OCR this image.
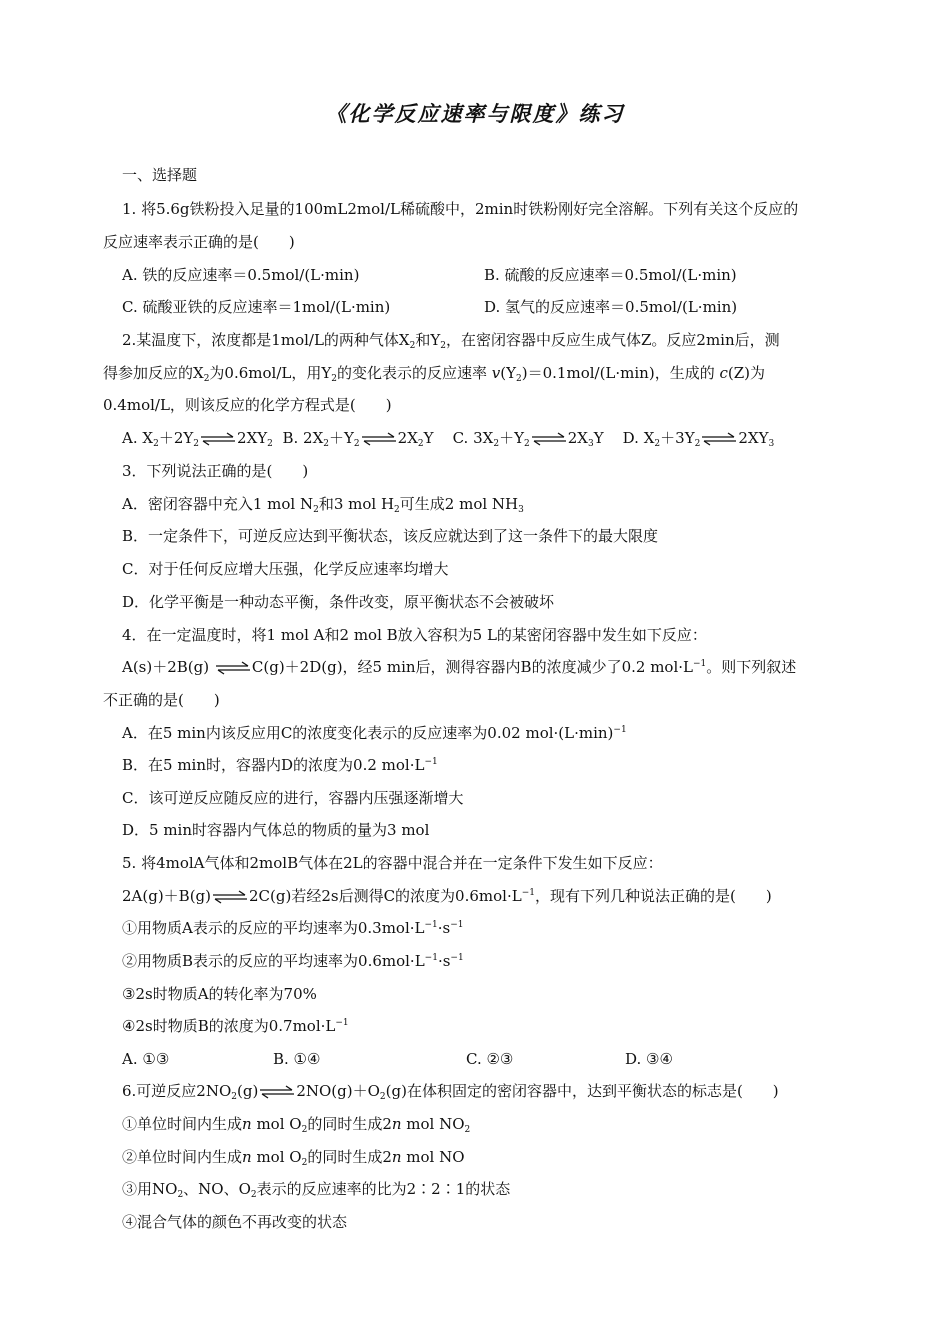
《化学反应速率与限度》练习
一、选择题
1. 将5.6g铁粉投入足量的100mL2mol/L稀硫酸中，2min时铁粉刚好完全溶解。下列有关这个反应的
反应速率表示正确的是(　　)
A. 铁的反应速率＝0.5mol/(L·min)	B. 硫酸的反应速率＝0.5mol/(L·min)
C. 硫酸亚铁的反应速率＝1mol/(L·min)	D. 氢气的反应速率＝0.5mol/(L·min)
2.某温度下，浓度都是1mol/L的两种气体$X_2$和$Y_2$，在密闭容器中反应生成气体Z。反应2min后，测
得参加反应的$X_2$为0.6mol/L，用$Y_2$的变化表示的反应速率 $v(Y_2)=0.1mol/(L\cdot\min)$，生成的 c(Z)为
0.4mol/L，则该反应的化学方程式是(　　)
A. $X_2+2Y_2\rightleftharpoons 2XY_2$ B. $2X_2+Y_2\rightleftharpoons 2X_2Y$ C. $3X_2+Y_2\rightleftharpoons 2X_3Y$ D. $X_2+3Y_2\rightleftharpoons 2XY_3$
3．下列说法正确的是(　　)
A．密闭容器中充入1 mol $N_2$和3 mol $H_2$可生成2 mol $NH_3$
B．一定条件下，可逆反应达到平衡状态，该反应就达到了这一条件下的最大限度
C．对于任何反应增大压强，化学反应速率均增大
D．化学平衡是一种动态平衡，条件改变，原平衡状态不会被破坏
4．在一定温度时，将1 mol A和2 mol B放入容积为5 L的某密闭容器中发生如下反应：
A(s)＋2B(g) ⇌C(g)＋2D(g)，经5 min后，测得容器内B的浓度减少了0.2 $mol\cdot L^{-1}$。则下列叙述
不正确的是(　　)
A．在5 min内该反应用C的浓度变化表示的反应速率为0.02 $mol\cdot(L\cdot\min)^{-1}$
B．在5 min时，容器内D的浓度为0.2 $mol\cdot L^{-1}$
C．该可逆反应随反应的进行，容器内压强逐渐增大
D．5 min时容器内气体总的物质的量为3 mol
5. 将4molA气体和2molB气体在2L的容器中混合并在一定条件下发生如下反应：
2A(g)＋B(g)⇌2C(g)若经2s后测得C的浓度为$0.6mol\cdot L^{-1}$，现有下列几种说法正确的是(　　)
①用物质A表示的反应的平均速率为$0.3mol\cdot L^{-1}\cdot s^{-1}$
②用物质B表示的反应的平均速率为$0.6mol\cdot L^{-1}\cdot s^{-1}$
③2s时物质A的转化率为70%
④2s时物质B的浓度为$0.7mol\cdot L^{-1}$
A. ①③	B. ①④	C. ②③	D. ③④
6.可逆反应$2NO_2(g)\rightleftharpoons 2NO(g)+O_2(g)$在体积固定的密闭容器中，达到平衡状态的标志是(　　)
①单位时间内生成n mol $O_2$的同时生成2n mol $NO_2$
②单位时间内生成n mol $O_2$的同时生成2n mol NO
③用$NO_2$、NO、$O_2$表示的反应速率的比为2∶2∶1的状态
④混合气体的颜色不再改变的状态
